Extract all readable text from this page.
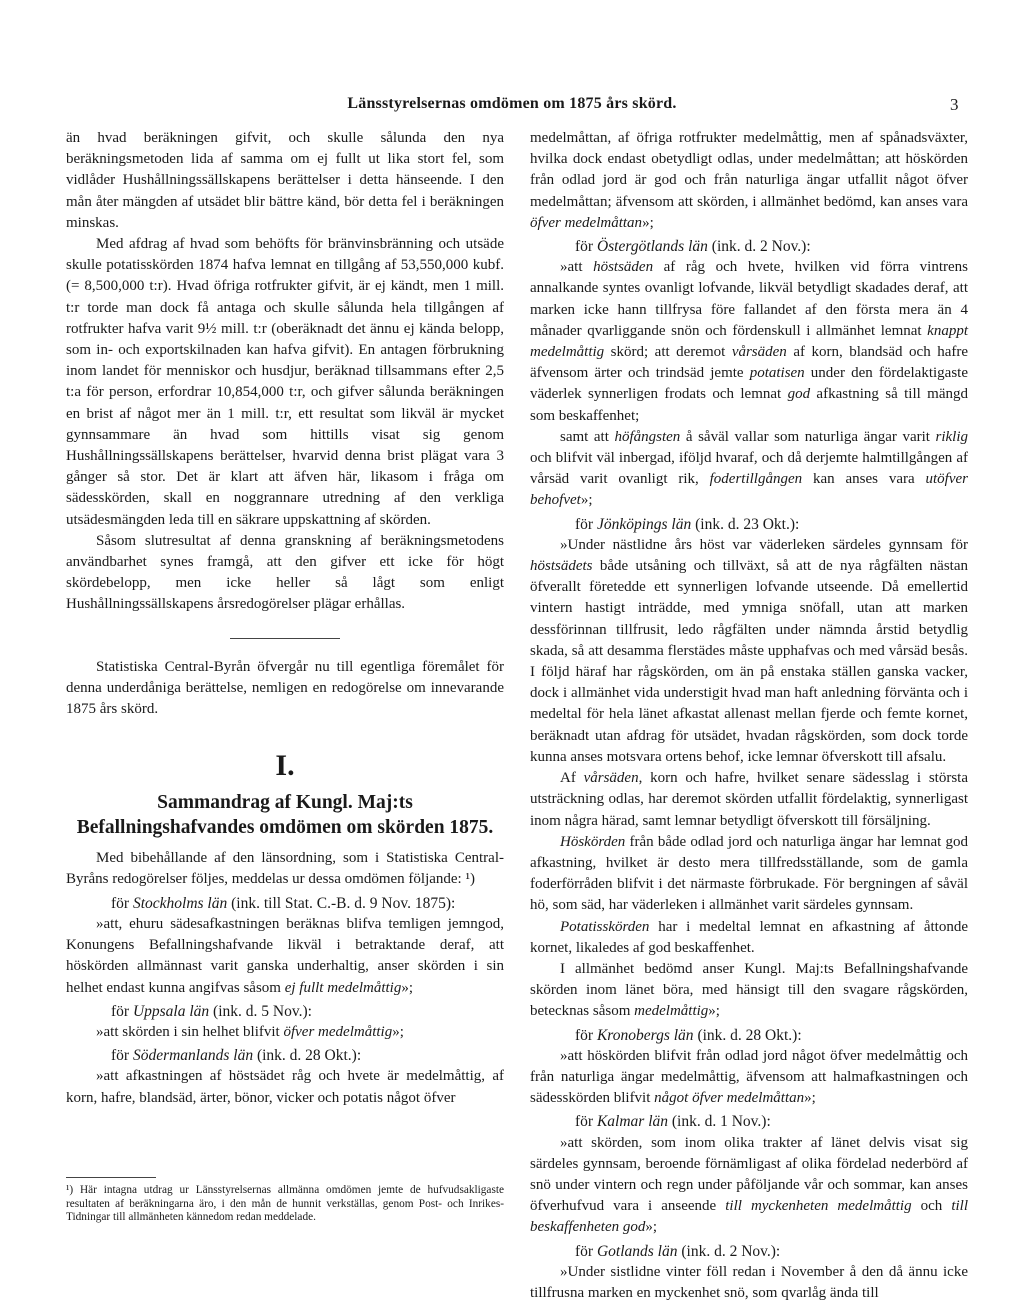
Länsstyrelsernas omdömen om 1875 års skörd.	3

än hvad beräkningen gifvit, och skulle sålunda den nya beräkningsmetoden lida af samma om ej fullt ut lika stort fel, som vidlåder Hushållningssällskapens berättelser i detta hänseende. I den mån åter mängden af utsädet blir bättre känd, bör detta fel i beräkningen minskas.

Med afdrag af hvad som behöfts för bränvinsbränning och utsäde skulle potatisskörden 1874 hafva lemnat en tillgång af 53,550,000 kubf. (= 8,500,000 t:r). Hvad öfriga rotfrukter gifvit, är ej kändt, men 1 mill. t:r torde man dock få antaga och skulle sålunda hela tillgången af rotfrukter hafva varit 9½ mill. t:r (oberäknadt det ännu ej kända belopp, som in- och exportskilnaden kan hafva gifvit). En antagen förbrukning inom landet för menniskor och husdjur, beräknad tillsammans efter 2,5 t:a för person, erfordrar 10,854,000 t:r, och gifver sålunda beräkningen en brist af något mer än 1 mill. t:r, ett resultat som likväl är mycket gynnsammare än hvad som hittills visat sig genom Hushållningssällskapens berättelser, hvarvid denna brist plägat vara 3 gånger så stor. Det är klart att äfven här, likasom i fråga om sädesskörden, skall en noggrannare utredning af den verkliga utsädesmängden leda till en säkrare uppskattning af skörden.

Såsom slutresultat af denna granskning af beräkningsmetodens användbarhet synes framgå, att den gifver ett icke för högt skördebelopp, men icke heller så lågt som enligt Hushållningssällskapens årsredogörelser plägar erhållas.

Statistiska Central-Byrån öfvergår nu till egentliga föremålet för denna underdåniga berättelse, nemligen en redogörelse om innevarande 1875 års skörd.

I.
Sammandrag af Kungl. Maj:ts Befallningshafvandes omdömen om skörden 1875.

Med bibehållande af den länsordning, som i Statistiska Central-Byråns redogörelser följes, meddelas ur dessa omdömen följande: ¹)

för Stockholms län (ink. till Stat. C.-B. d. 9 Nov. 1875):

»att, ehuru sädesafkastningen beräknas blifva temligen jemngod, Konungens Befallningshafvande likväl i betraktande deraf, att höskörden allmännast varit ganska underhaltig, anser skörden i sin helhet endast kunna angifvas såsom ej fullt medelmåttig»;

för Uppsala län (ink. d. 5 Nov.):

»att skörden i sin helhet blifvit öfver medelmåttig»;

för Södermanlands län (ink. d. 28 Okt.):

»att afkastningen af höstsädet råg och hvete är medelmåttig, af korn, hafre, blandsäd, ärter, bönor, vicker och potatis något öfver

¹) Här intagna utdrag ur Länsstyrelsernas allmänna omdömen jemte de hufvudsakligaste resultaten af beräkningarna äro, i den mån de hunnit verkställas, genom Post- och Inrikes-Tidningar till allmänheten kännedom redan meddelade.

medelmåttan, af öfriga rotfrukter medelmåttig, men af spånadsväxter, hvilka dock endast obetydligt odlas, under medelmåttan; att höskörden från odlad jord är god och från naturliga ängar utfallit något öfver medelmåttan; äfvensom att skörden, i allmänhet bedömd, kan anses vara öfver medelmåttan»;

för Östergötlands län (ink. d. 2 Nov.):

»att höstsäden af råg och hvete, hvilken vid förra vintrens annalkande syntes ovanligt lofvande, likväl betydligt skadades deraf, att marken icke hann tillfrysa före fallandet af den första mera än 4 månader qvarliggande snön och fördenskull i allmänhet lemnat knappt medelmåttig skörd; att deremot vårsäden af korn, blandsäd och hafre äfvensom ärter och trindsäd jemte potatisen under den fördelaktigaste väderlek synnerligen frodats och lemnat god afkastning så till mängd som beskaffenhet;

samt att höfångsten å såväl vallar som naturliga ängar varit riklig och blifvit väl inbergad, iföljd hvaraf, och då derjemte halmtillgången af vårsäd varit ovanligt rik, fodertillgången kan anses vara utöfver behofvet»;

för Jönköpings län (ink. d. 23 Okt.):

»Under nästlidne års höst var väderleken särdeles gynnsam för höstsädets både utsåning och tillväxt, så att de nya rågfälten nästan öfverallt företedde ett synnerligen lofvande utseende. Då emellertid vintern hastigt inträdde, med ymniga snöfall, utan att marken dessförinnan tillfrusit, ledo rågfälten under nämnda årstid betydlig skada, så att desamma flerstädes måste upphafvas och med vårsäd besås. I följd häraf har rågskörden, om än på enstaka ställen ganska vacker, dock i allmänhet vida understigit hvad man haft anledning förvänta och i medeltal för hela länet afkastat allenast mellan fjerde och femte kornet, beräknadt utan afdrag för utsädet, hvadan rågskörden, som dock torde kunna anses motsvara ortens behof, icke lemnar öfverskott till afsalu.

Af vårsäden, korn och hafre, hvilket senare sädesslag i största utsträckning odlas, har deremot skörden utfallit fördelaktig, synnerligast inom några härad, samt lemnar betydligt öfverskott till försäljning.

Höskörden från både odlad jord och naturliga ängar har lemnat god afkastning, hvilket är desto mera tillfredsställande, som de gamla foderförråden blifvit i det närmaste förbrukade. För bergningen af såväl hö, som säd, har väderleken i allmänhet varit särdeles gynnsam.

Potatisskörden har i medeltal lemnat en afkastning af åttonde kornet, likaledes af god beskaffenhet.

I allmänhet bedömd anser Kungl. Maj:ts Befallningshafvande skörden inom länet böra, med hänsigt till den svagare rågskörden, betecknas såsom medelmåttig»;

för Kronobergs län (ink. d. 28 Okt.):

»att höskörden blifvit från odlad jord något öfver medelmåttig och från naturliga ängar medelmåttig, äfvensom att halmafkastningen och sädesskörden blifvit något öfver medelmåttan»;

för Kalmar län (ink. d. 1 Nov.):

»att skörden, som inom olika trakter af länet delvis visat sig särdeles gynnsam, beroende förnämligast af olika fördelad nederbörd af snö under vintern och regn under påföljande vår och sommar, kan anses öfverhufvud vara i anseende till myckenheten medelmåttig och till beskaffenheten god»;

för Gotlands län (ink. d. 2 Nov.):

»Under sistlidne vinter föll redan i November å den då ännu icke tillfrusna marken en myckenhet snö, som qvarlåg ända till
